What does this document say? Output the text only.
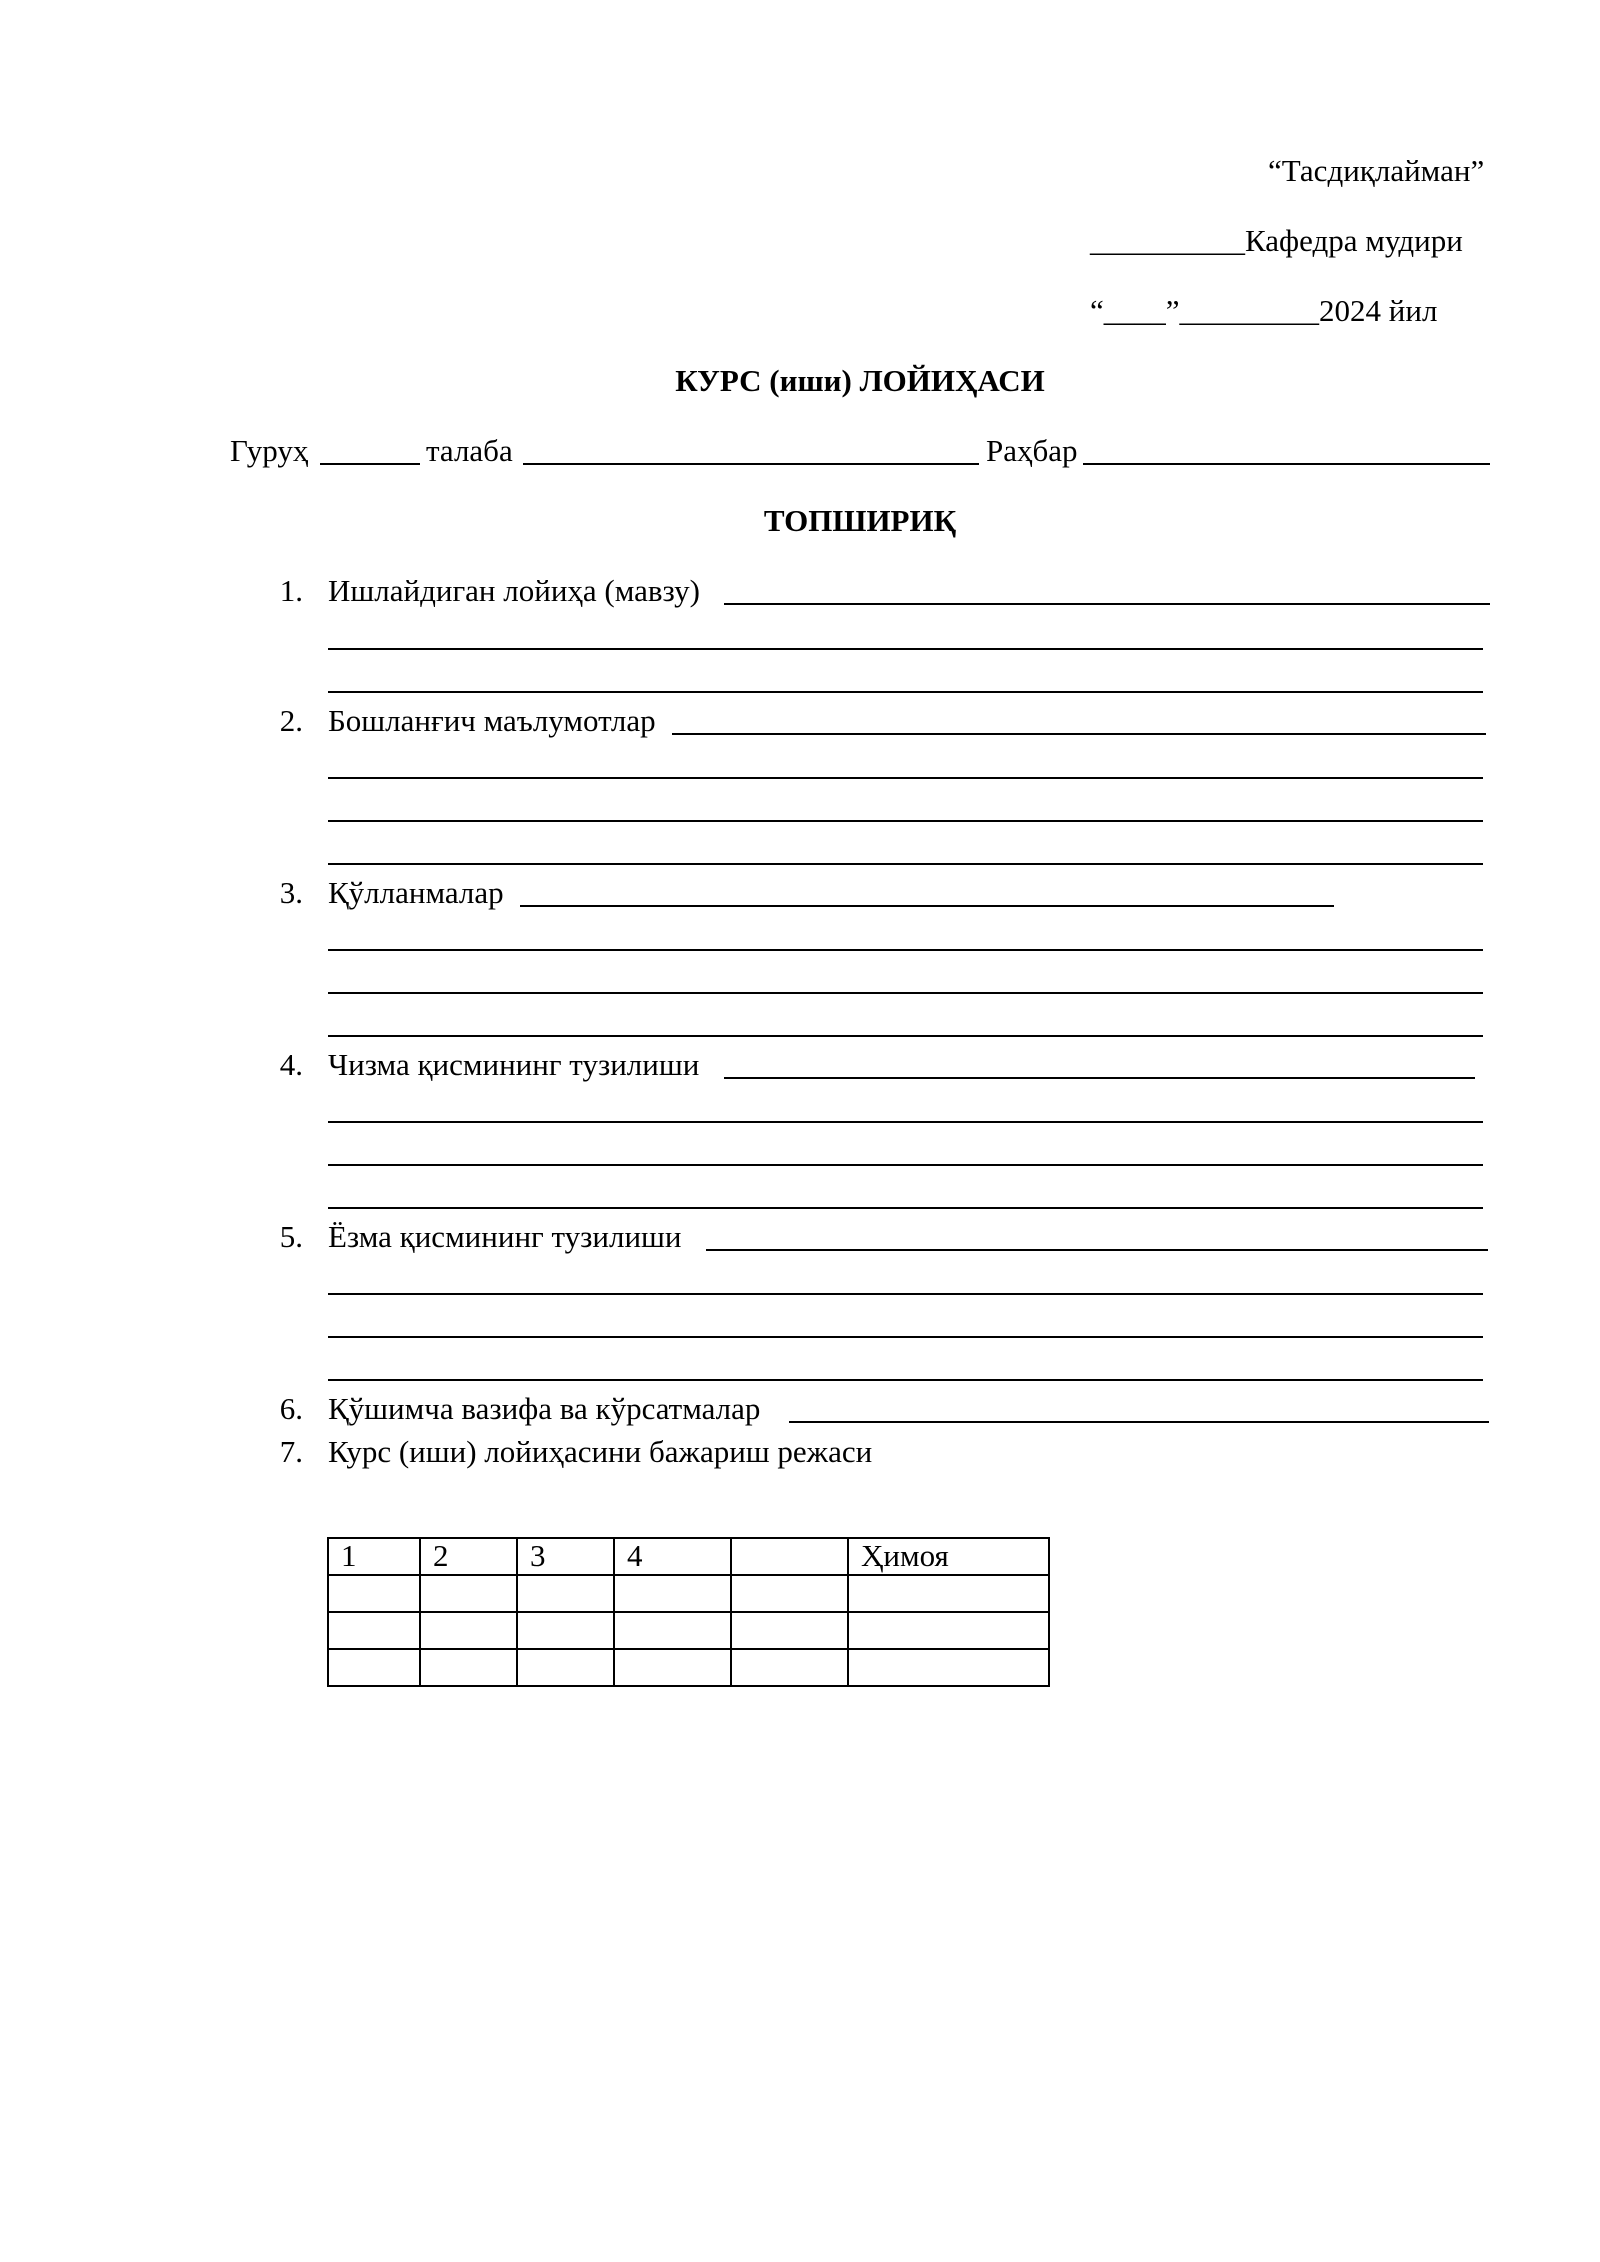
“Тасдиқлайман”
__________Кафедра мудири
“____”_________2024 йил
КУРС (иши) ЛОЙИҲАСИ
Гуруҳ	талаба	Раҳбар
ТОПШИРИҚ
1. Ишлайдиган лойиҳа (мавзу)
2. Бошланғич маълумотлар
3. Қўлланмалар
4. Чизма қисмининг тузилиши
5. Ёзма қисмининг тузилиши
6. Қўшимча вазифа ва кўрсатмалар
7. Курс (иши) лойиҳасини бажариш режаси
1	2	3	4		Ҳимоя
